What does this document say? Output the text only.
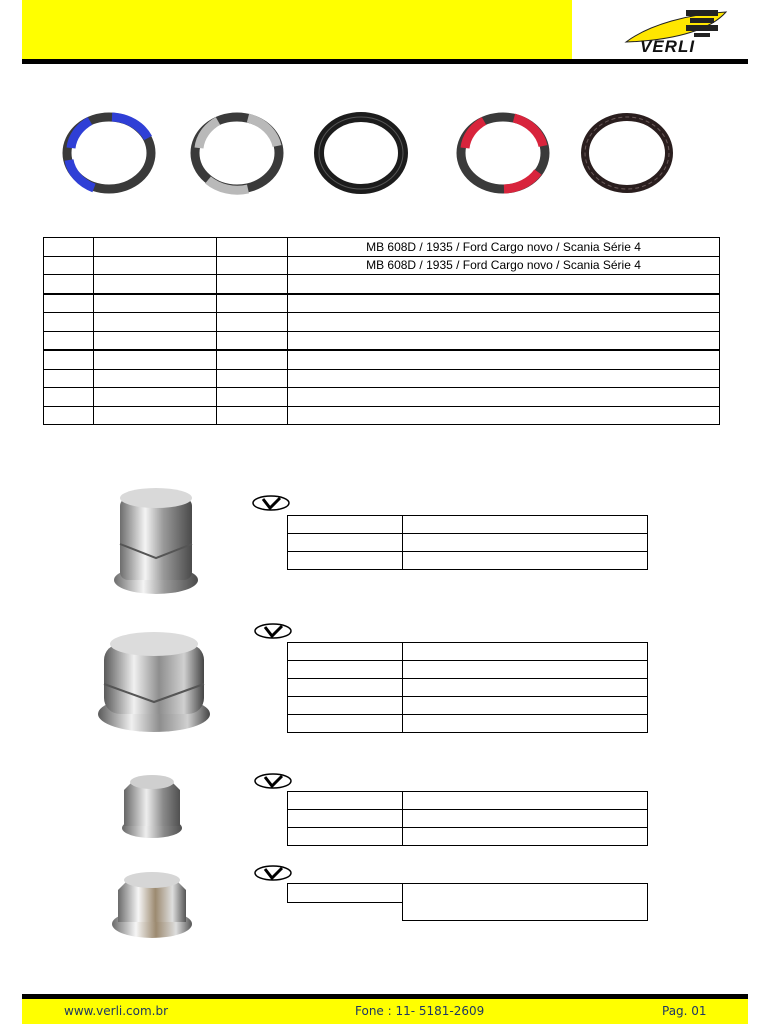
VERLI
			MB 608D / 1935 / Ford Cargo novo / Scania Série 4
			MB 608D / 1935 / Ford Cargo novo / Scania Série 4

www.verli.com.br	Fone : 11- 5181-2609	Pag. 01
